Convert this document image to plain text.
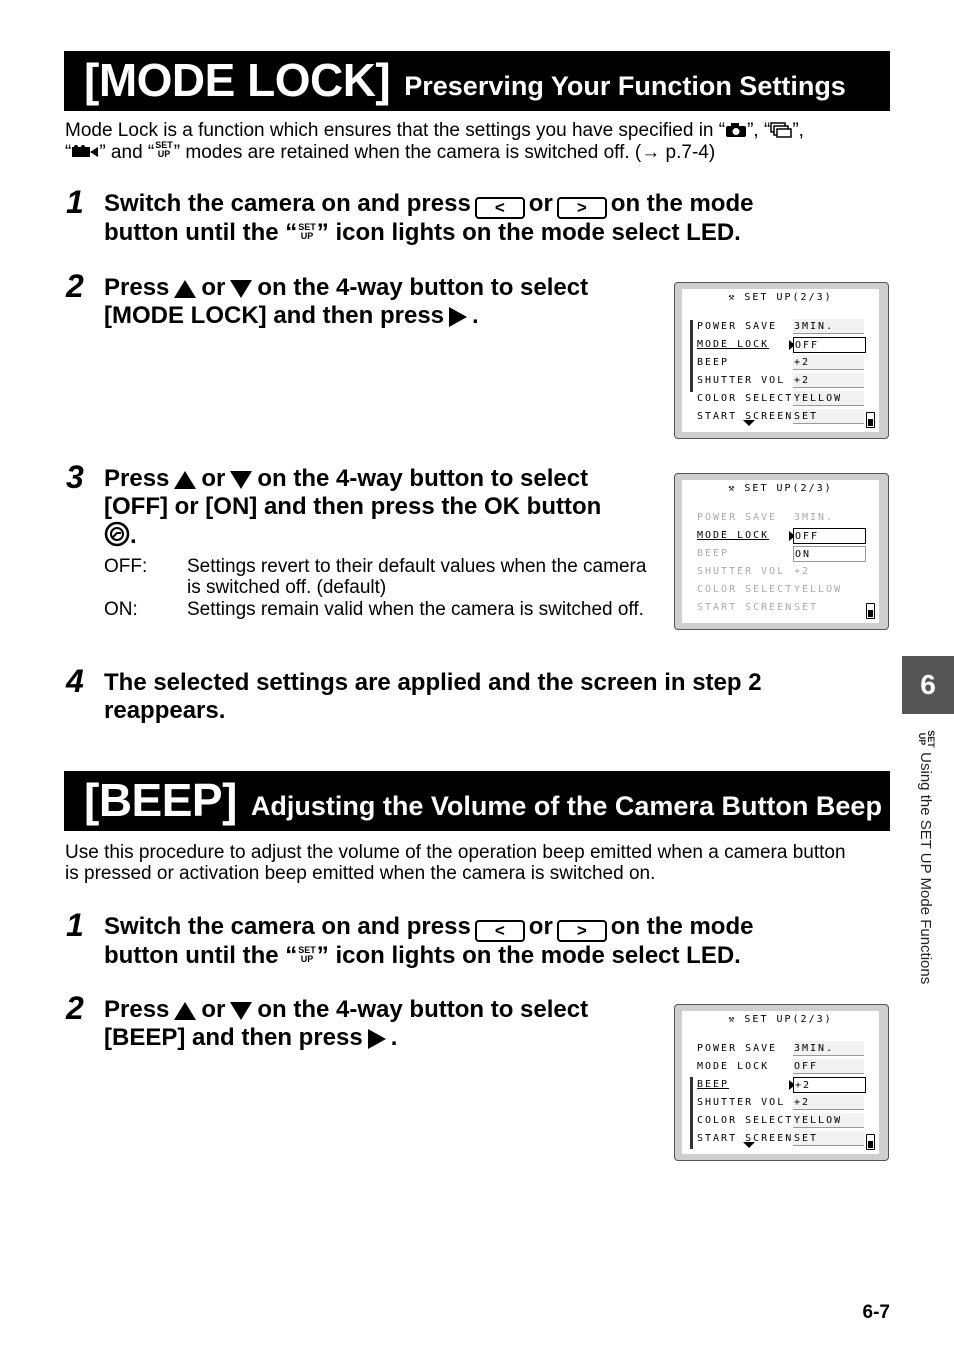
[MODE LOCK] Preserving Your Function Settings
Mode Lock is a function which ensures that the settings you have specified in “ ”, “ ”,
“ ” and “SET
UP ” modes are retained when the camera is switched off. (→ p.7-4)
1 Switch the camera on and press < or > on the mode
button until the “SET
UP ” icon lights on the mode select LED.
2 Press or on the 4-way button to select
[MODE LOCK] and then press .
⚒ SET UP(2/3)
POWER SAVE 3MIN.
MODE LOCK	OFF
BEEP	+2
SHUTTER VOL +2
COLOR SELECT YELLOW
START SCREEN SET
3 Press or on the 4-way button to select
[OFF] or [ON] and then press the OK button
.
OFF: Settings revert to their default values when the camera is switched off. (default)
ON:	Settings remain valid when the camera is switched off.
⚒ SET UP(2/3)
POWER SAVE 3MIN.
MODE LOCK	OFF
BEEP	ON
SHUTTER VOL +2
COLOR SELECT YELLOW
START SCREEN SET
4 The selected settings are applied and the screen in step 2 reappears.
[BEEP] Adjusting the Volume of the Camera Button Beep
Use this procedure to adjust the volume of the operation beep emitted when a camera button is pressed or activation beep emitted when the camera is switched on.
1 Switch the camera on and press < or > on the mode
button until the “SET
UP ” icon lights on the mode select LED.
2 Press or on the 4-way button to select
[BEEP] and then press .
⚒ SET UP(2/3)
POWER SAVE 3MIN.
MODE LOCK OFF
BEEP	+2
SHUTTER VOL +2
COLOR SELECT YELLOW
START SCREEN SET
6
SET
UP Using the SET UP Mode Functions
6-7
